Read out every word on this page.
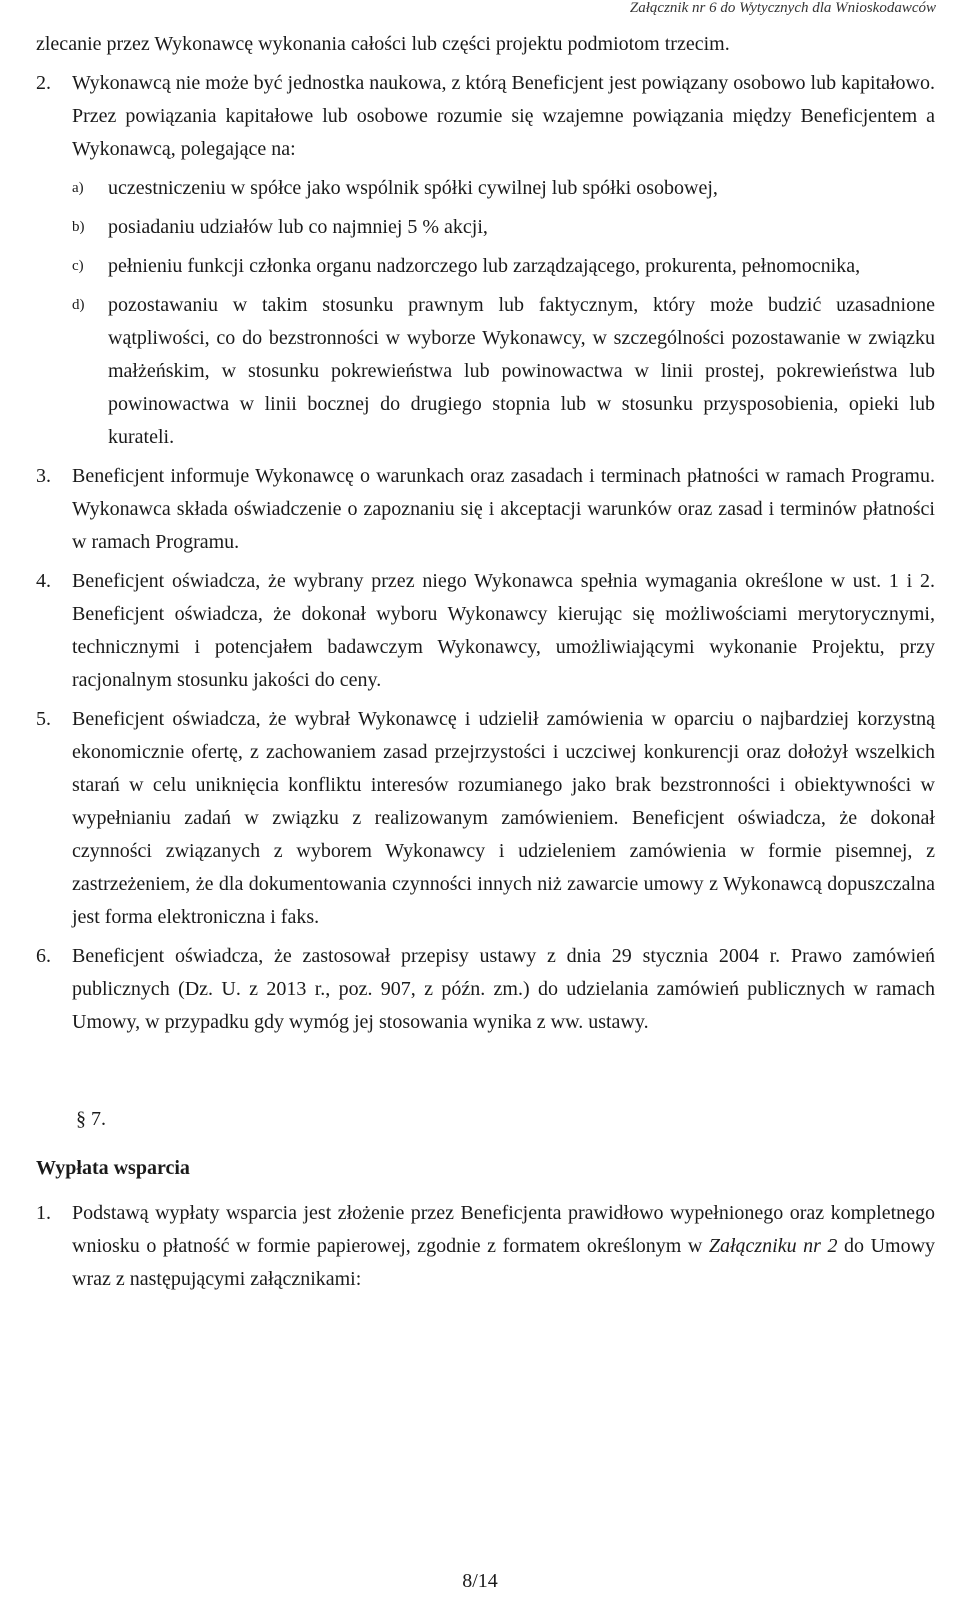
Załącznik nr 6 do Wytycznych dla Wnioskodawców

zlecanie przez Wykonawcę wykonania całości lub części projektu podmiotom trzecim.

2.	Wykonawcą nie może być jednostka naukowa, z którą Beneficjent jest powiązany osobowo lub kapitałowo. Przez powiązania kapitałowe lub osobowe rozumie się wzajemne powiązania między Beneficjentem a Wykonawcą, polegające na:

a)	uczestniczeniu w spółce jako wspólnik spółki cywilnej lub spółki osobowej,
b)	posiadaniu udziałów lub co najmniej 5 % akcji,
c)	pełnieniu funkcji członka organu nadzorczego lub zarządzającego, prokurenta, pełnomocnika,
d)	pozostawaniu w takim stosunku prawnym lub faktycznym, który może budzić uzasadnione wątpliwości, co do bezstronności w wyborze Wykonawcy, w szczególności pozostawanie w związku małżeńskim, w stosunku pokrewieństwa lub powinowactwa w linii prostej, pokrewieństwa lub powinowactwa w linii bocznej do drugiego stopnia lub w stosunku przysposobienia, opieki lub kurateli.
3.	Beneficjent informuje Wykonawcę o warunkach oraz zasadach i terminach płatności w ramach Programu. Wykonawca składa oświadczenie o zapoznaniu się i akceptacji warunków oraz zasad i terminów płatności w ramach Programu.

4.	Beneficjent oświadcza, że wybrany przez niego Wykonawca spełnia wymagania określone w ust. 1 i 2. Beneficjent oświadcza, że dokonał wyboru Wykonawcy kierując się możliwościami merytorycznymi, technicznymi i potencjałem badawczym Wykonawcy, umożliwiającymi wykonanie Projektu, przy racjonalnym stosunku jakości do ceny.

5.	Beneficjent oświadcza, że wybrał Wykonawcę i udzielił zamówienia w oparciu o najbardziej korzystną ekonomicznie ofertę, z zachowaniem zasad przejrzystości i uczciwej konkurencji oraz dołożył wszelkich starań w celu uniknięcia konfliktu interesów rozumianego jako brak bezstronności i obiektywności w wypełnianiu zadań w związku z realizowanym zamówieniem. Beneficjent oświadcza, że dokonał czynności związanych z wyborem Wykonawcy i udzieleniem zamówienia w formie pisemnej, z zastrzeżeniem, że dla dokumentowania czynności innych niż zawarcie umowy z Wykonawcą dopuszczalna jest forma elektroniczna i faks.

6.	Beneficjent oświadcza, że zastosował przepisy ustawy z dnia 29 stycznia 2004 r. Prawo zamówień publicznych (Dz. U. z 2013 r., poz. 907, z późn. zm.) do udzielania zamówień publicznych w ramach Umowy, w przypadku gdy wymóg jej stosowania wynika z ww. ustawy.

§ 7.

Wypłata wsparcia

1.	Podstawą wypłaty wsparcia jest złożenie przez Beneficjenta prawidłowo wypełnionego oraz kompletnego wniosku o płatność w formie papierowej, zgodnie z formatem określonym w Załączniku nr 2 do Umowy wraz z następującymi załącznikami:

8/14
